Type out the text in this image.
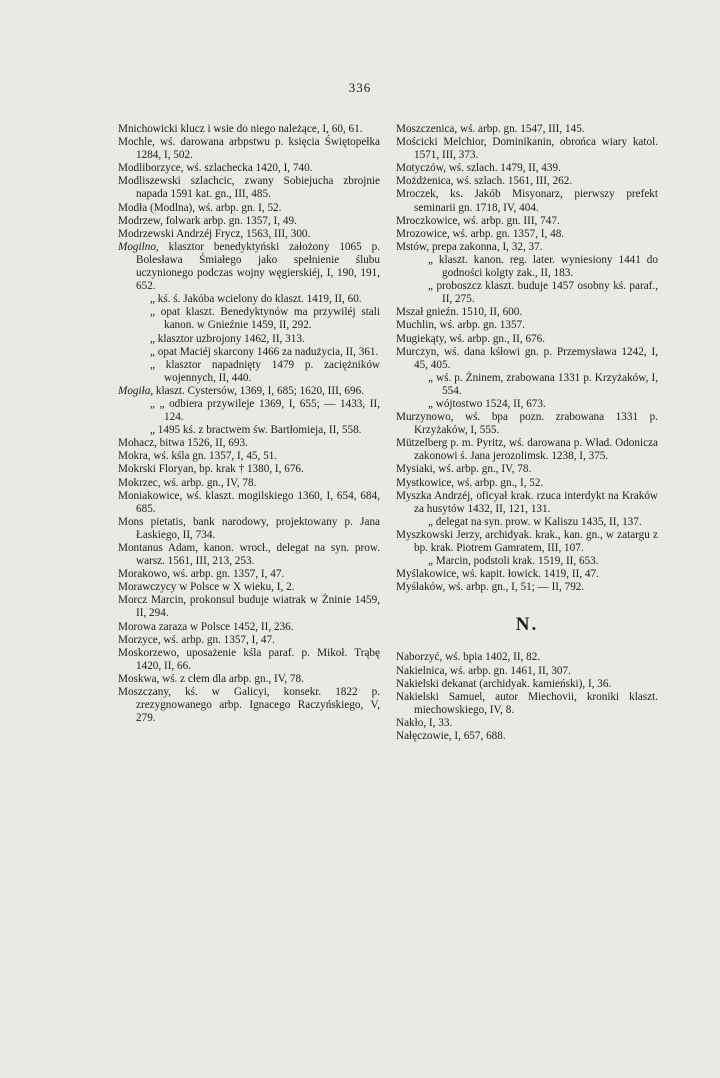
336

Mnichowicki klucz i wsie do niego należące, I, 60, 61.

Mochle, wś. darowana arbpstwu p. księcia Świętopełka 1284, I, 502.

Modliborzyce, wś. szlachecka 1420, I, 740.

Modliszewski szlachcic, zwany Sobiejucha zbrojnie napada 1591 kat. gn., III, 485.

Modła (Modlna), wś. arbp. gn. I, 52.

Modrzew, folwark arbp. gn. 1357, I, 49.

Modrzewski Andrzéj Frycz, 1563, III, 300.

Mogilno, klasztor benedyktyński założony 1065 p. Bolesława Śmiałego jako spełnienie ślubu uczynionego podczas wojny węgierskiéj, I, 190, 191, 652.

„ kś. ś. Jakóba wcielony do klaszt. 1419, II, 60.

„ opat klaszt. Benedyktynów ma przywiléj stali kanon. w Gnieźnie 1459, II, 292.

„ klasztor uzbrojony 1462, II, 313.

„ opat Maciéj skarcony 1466 za nadużycia, II, 361.

„ klasztor napadnięty 1479 p. zaciężników wojennych, II, 440.

Mogiła, klaszt. Cystersów, 1369, I, 685; 1620, III, 696.

„ „ odbiera przywileje 1369, I, 655; — 1433, II, 124.

„ 1495 kś. z bractwem św. Bartłomieja, II, 558.

Mohacz, bitwa 1526, II, 693.

Mokra, wś. kśla gn. 1357, I, 45, 51.

Mokrski Floryan, bp. krak † 1380, I, 676.

Mokrzec, wś. arbp. gn., IV, 78.

Moniakowice, wś. klaszt. mogilskiego 1360, I, 654, 684, 685.

Mons pietatis, bank narodowy, projektowany p. Jana Łaskiego, II, 734.

Montanus Adam, kanon. wrocł., delegat na syn. prow. warsz. 1561, III, 213, 253.

Morakowo, wś. arbp. gn. 1357, I, 47.

Morawczycy w Polsce w X wieku, I, 2.

Morcz Marcin, prokonsul buduje wiatrak w Żninie 1459, II, 294.

Morowa zaraza w Polsce 1452, II, 236.

Morzyce, wś. arbp. gn. 1357, I, 47.

Moskorzewo, uposażenie kśla paraf. p. Mikoł. Trąbę 1420, II, 66.

Moskwa, wś. z cłem dla arbp. gn., IV, 78.

Moszczany, kś. w Galicyi, konsekr. 1822 p. zrezygnowanego arbp. Ignacego Raczyńskiego, V, 279.

Moszczenica, wś. arbp. gn. 1547, III, 145.

Mościcki Melchior, Dominikanin, obrońca wiary katol. 1571, III, 373.

Motyczów, wś. szlach. 1479, II, 439.

Możdżenica, wś. szlach. 1561, III, 262.

Mroczek, ks. Jakób Misyonarz, pierwszy prefekt seminarii gn. 1718, IV, 404.

Mroczkowice, wś. arbp. gn. III, 747.

Mrozowice, wś. arbp. gn. 1357, I, 48.

Mstów, prepa zakonna, I, 32, 37.

„ klaszt. kanon. reg. later. wyniesiony 1441 do godności kolgty zak., II, 183.

„ proboszcz klaszt. buduje 1457 osobny kś. paraf., II, 275.

Mszał gnieźn. 1510, II, 600.

Muchlin, wś. arbp. gn. 1357.

Mugiekąty, wś. arbp. gn., II, 676.

Murczyn, wś. dana kśłowi gn. p. Przemysława 1242, I, 45, 405.

„ wś. p. Żninem, zrabowana 1331 p. Krzyżaków, I, 554.

„ wójtostwo 1524, II, 673.

Murzynowo, wś. bpa pozn. zrabowana 1331 p. Krzyżaków, I, 555.

Mützelberg p. m. Pyritz, wś. darowana p. Wład. Odonicza zakonowi ś. Jana jerozolimsk. 1238, I, 375.

Mysiaki, wś. arbp. gn., IV, 78.

Mystkowice, wś. arbp. gn., I, 52.

Myszka Andrzéj, oficyał krak. rzuca interdykt na Kraków za husytów 1432, II, 121, 131.

„ delegat na syn. prow. w Kaliszu 1435, II, 137.

Myszkowski Jerzy, archidyak. krak., kan. gn., w zatargu z bp. krak. Piotrem Gamratem, III, 107.

„ Marcin, podstoli krak. 1519, II, 653.

Myślakowice, wś. kapit. łowick. 1419, II, 47.

Myślaków, wś. arbp. gn., I, 51; — II, 792.

N.

Naborzyć, wś. bpia 1402, II, 82.

Nakielnica, wś. arbp. gn. 1461, II, 307.

Nakielski dekanat (archidyak. kamieński), I, 36.

Nakielski Samuel, autor Miechovii, kroniki klaszt. miechowskiego, IV, 8.

Nakło, I, 33.

Nałęczowie, I, 657, 688.
